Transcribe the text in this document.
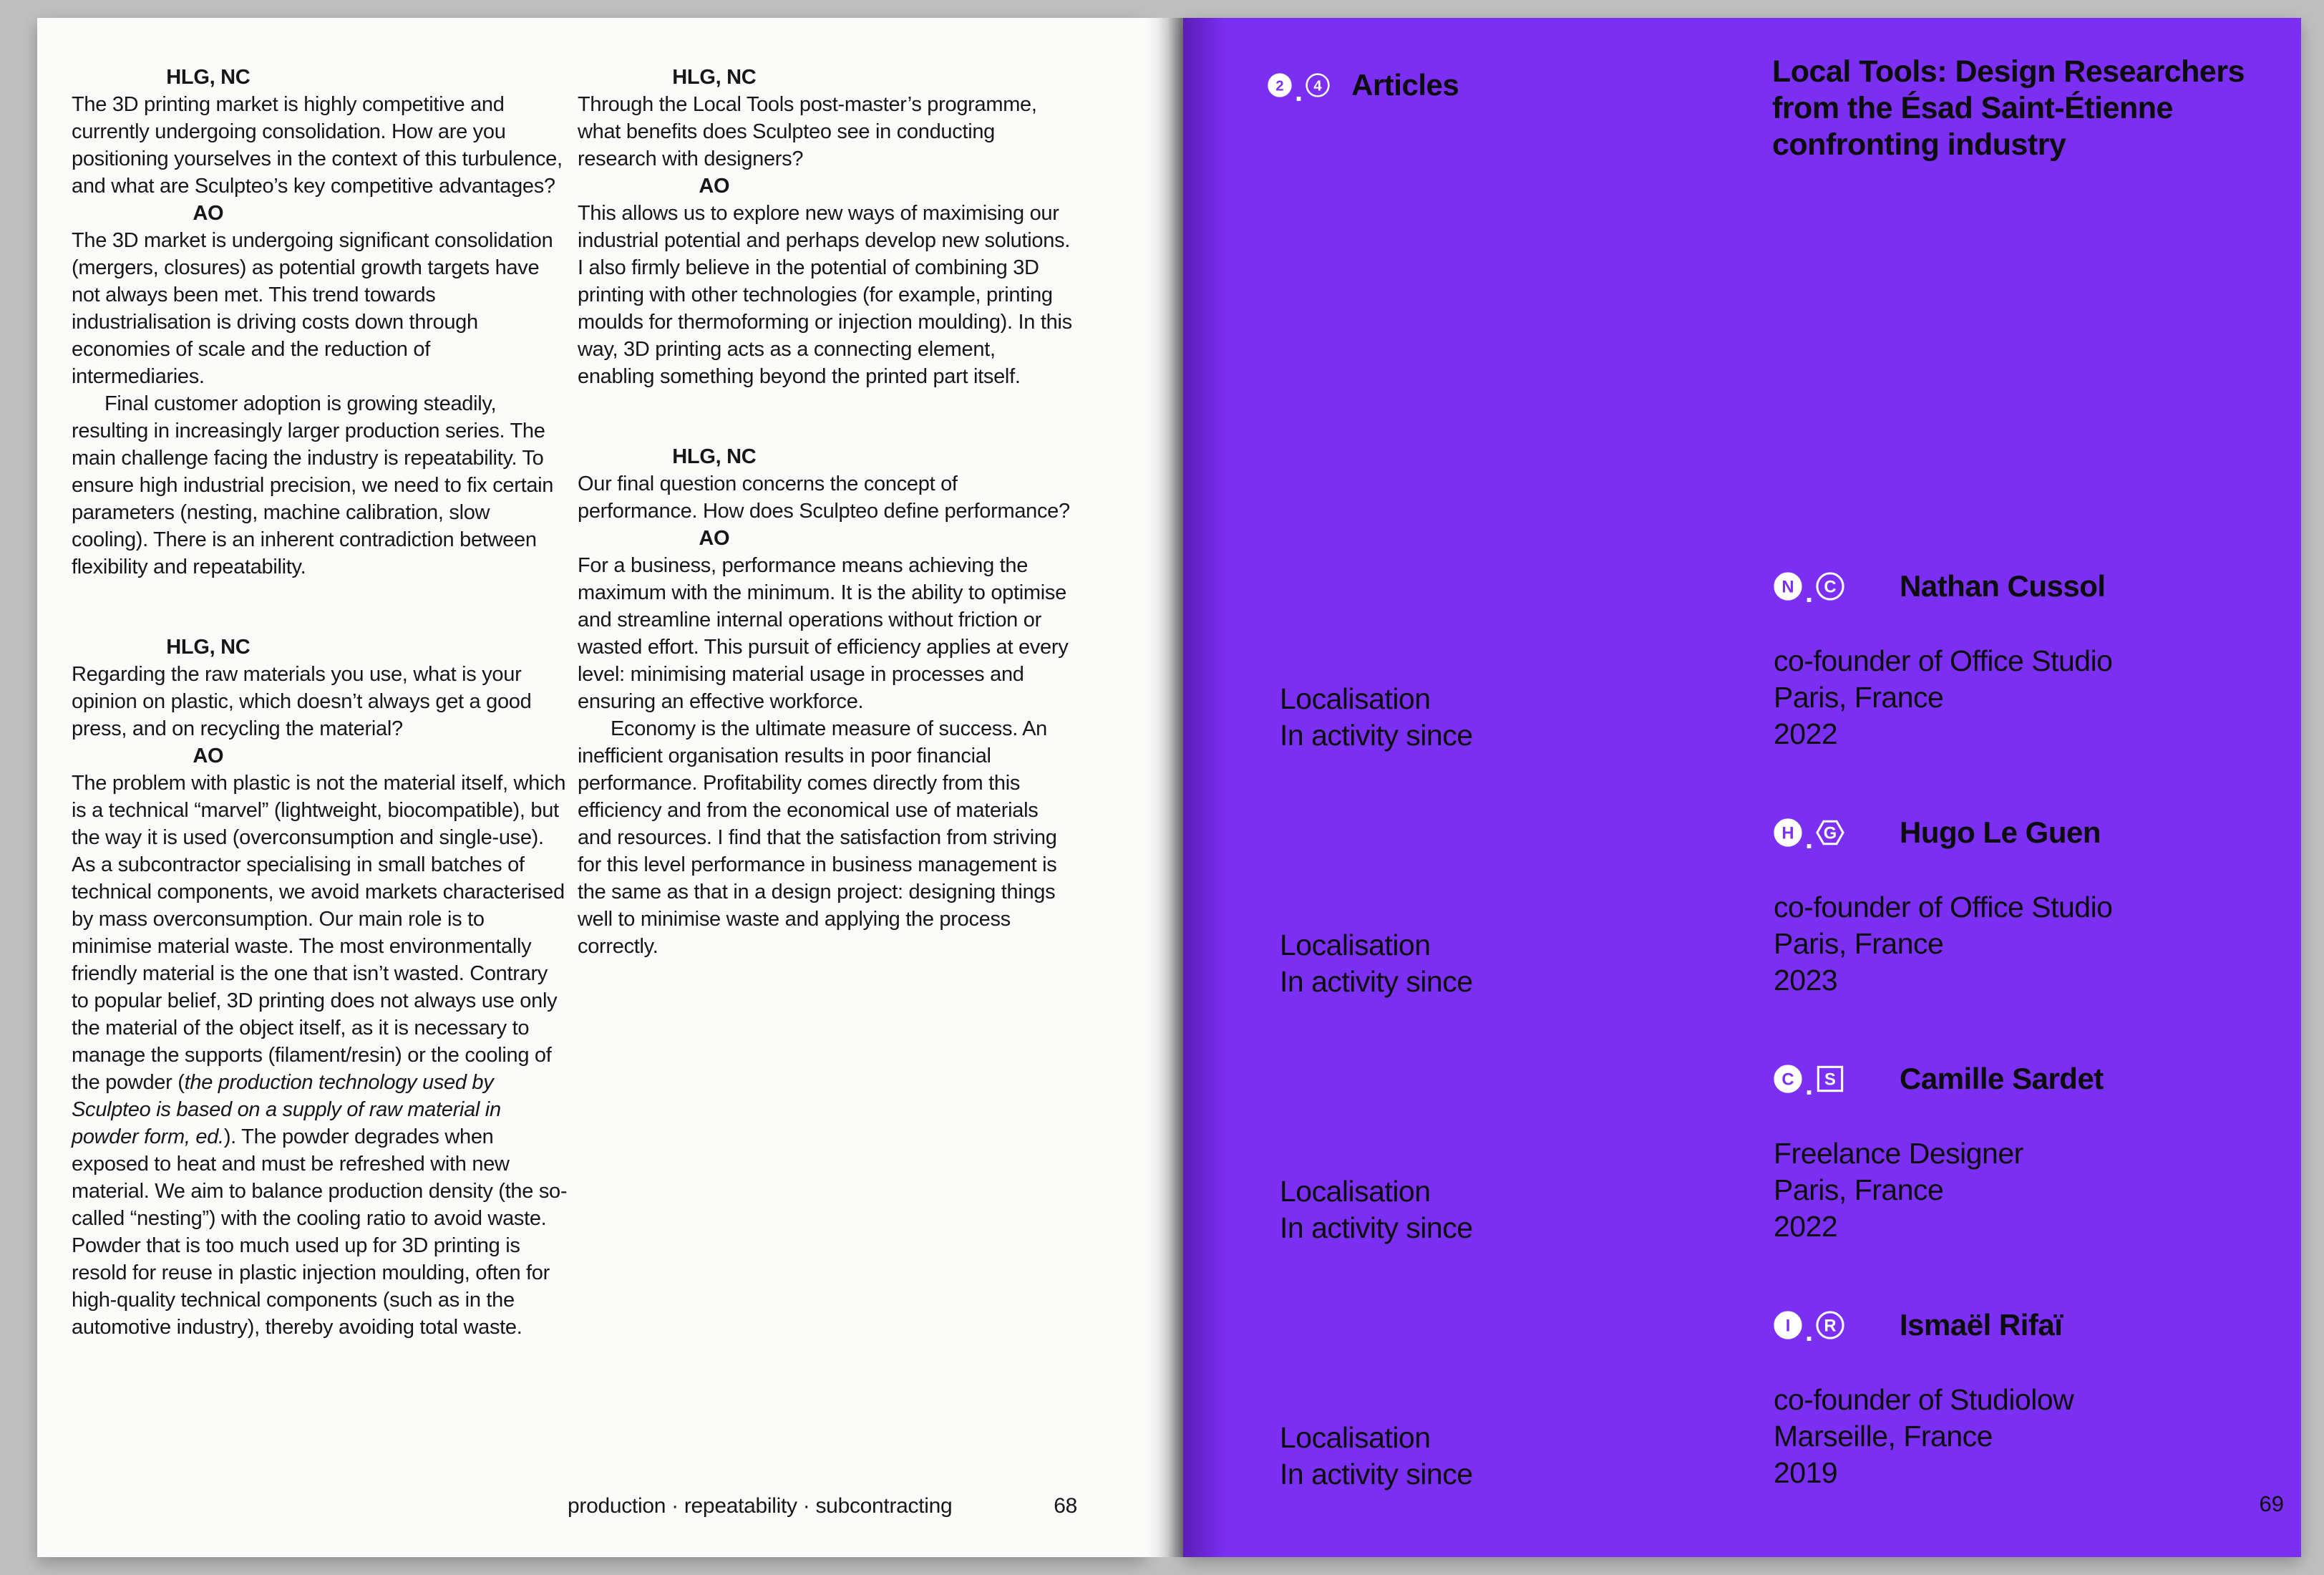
HLG, NC

The 3D printing market is highly competitive and currently undergoing consolidation. How are you positioning yourselves in the context of this turbulence, and what are Sculpteo’s key competitive advantages?

AO

The 3D market is undergoing significant consolidation (mergers, closures) as potential growth targets have not always been met. This trend towards industrialisation is driving costs down through economies of scale and the reduction of intermediaries.

Final customer adoption is growing steadily, resulting in increasingly larger production series. The main challenge facing the industry is repeatability. To ensure high industrial precision, we need to fix certain parameters (nesting, machine calibration, slow cooling). There is an inherent contradiction between flexibility and repeatability.

HLG, NC

Regarding the raw materials you use, what is your opinion on plastic, which doesn’t always get a good press, and on recycling the material?

AO

The problem with plastic is not the material itself, which is a technical “marvel” (lightweight, biocompatible), but the way it is used (overconsumption and single-use). As a subcontractor specialising in small batches of technical components, we avoid markets characterised by mass overconsumption. Our main role is to minimise material waste. The most environmentally friendly material is the one that isn’t wasted. Contrary to popular belief, 3D printing does not always use only the material of the object itself, as it is necessary to manage the supports (filament/resin) or the cooling of the powder (the production technology used by Sculpteo is based on a supply of raw material in powder form, ed.). The powder degrades when exposed to heat and must be refreshed with new material. We aim to balance production density (the so-called “nesting”) with the cooling ratio to avoid waste. Powder that is too much used up for 3D printing is resold for reuse in plastic injection moulding, often for high-quality technical components (such as in the automotive industry), thereby avoiding total waste.

HLG, NC

Through the Local Tools post-master’s programme, what benefits does Sculpteo see in conducting research with designers?

AO

This allows us to explore new ways of maximising our industrial potential and perhaps develop new solutions. I also firmly believe in the potential of combining 3D printing with other technologies (for example, printing moulds for thermoforming or injection moulding). In this way, 3D printing acts as a connecting element, enabling something beyond the printed part itself.

HLG, NC

Our final question concerns the concept of performance. How does Sculpteo define performance?

AO

For a business, performance means achieving the maximum with the minimum. It is the ability to optimise and streamline internal operations without friction or wasted effort. This pursuit of efficiency applies at every level: minimising material usage in processes and ensuring an effective workforce.

Economy is the ultimate measure of success. An inefficient organisation results in poor financial performance. Profitability comes directly from this efficiency and from the economical use of materials and resources. I find that the satisfaction from striving for this level performance in business management is the same as that in a design project: designing things well to minimise waste and applying the process correctly.

production · repeatability · subcontracting	68
2 . 4 Articles	Local Tools: Design Researchers
from the Ésad Saint-Étienne
confronting industry
N . C Nathan Cussol
Localisation
In activity since
co-founder of Office Studio
Paris, France
2022
H . G Hugo Le Guen
Localisation
In activity since
co-founder of Office Studio
Paris, France
2023
C . S Camille Sardet
Localisation
In activity since
Freelance Designer
Paris, France
2022
I . R Ismaël Rifaï
Localisation
In activity since
co-founder of Studiolow
Marseille, France
2019
69
